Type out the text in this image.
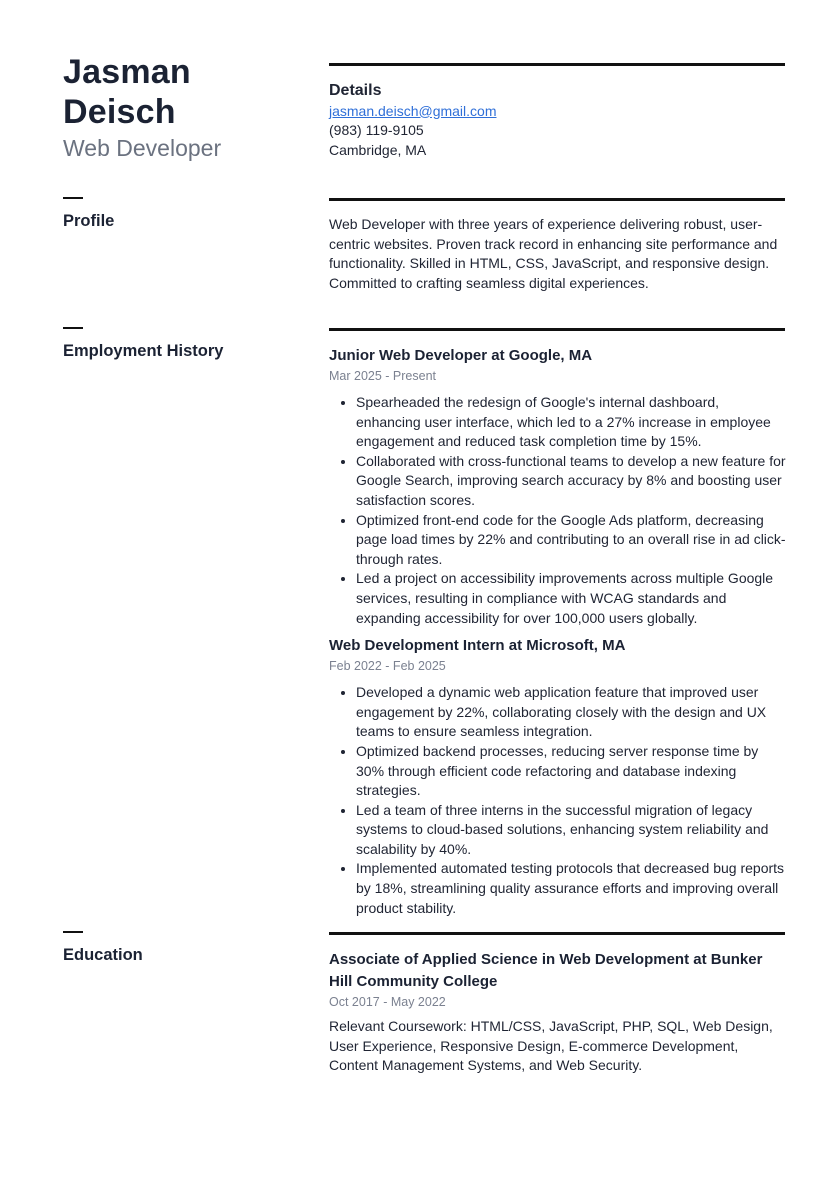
Jasman
Deisch
Web Developer
Details
jasman.deisch@gmail.com
(983) 119-9105
Cambridge, MA
Profile	Web Developer with three years of experience delivering robust, user-centric websites. Proven track record in enhancing site performance and functionality. Skilled in HTML, CSS, JavaScript, and responsive design. Committed to crafting seamless digital experiences.
Employment History	Junior Web Developer at Google, MA
Mar 2025 - Present
• Spearheaded the redesign of Google's internal dashboard, enhancing user interface, which led to a 27% increase in employee engagement and reduced task completion time by 15%.
• Collaborated with cross-functional teams to develop a new feature for Google Search, improving search accuracy by 8% and boosting user satisfaction scores.
• Optimized front-end code for the Google Ads platform, decreasing page load times by 22% and contributing to an overall rise in ad click-through rates.
• Led a project on accessibility improvements across multiple Google services, resulting in compliance with WCAG standards and expanding accessibility for over 100,000 users globally.
Web Development Intern at Microsoft, MA
Feb 2022 - Feb 2025
• Developed a dynamic web application feature that improved user engagement by 22%, collaborating closely with the design and UX teams to ensure seamless integration.
• Optimized backend processes, reducing server response time by 30% through efficient code refactoring and database indexing strategies.
• Led a team of three interns in the successful migration of legacy systems to cloud-based solutions, enhancing system reliability and scalability by 40%.
• Implemented automated testing protocols that decreased bug reports by 18%, streamlining quality assurance efforts and improving overall product stability.
Education	Associate of Applied Science in Web Development at Bunker Hill Community College
Oct 2017 - May 2022
Relevant Coursework: HTML/CSS, JavaScript, PHP, SQL, Web Design, User Experience, Responsive Design, E-commerce Development, Content Management Systems, and Web Security.
